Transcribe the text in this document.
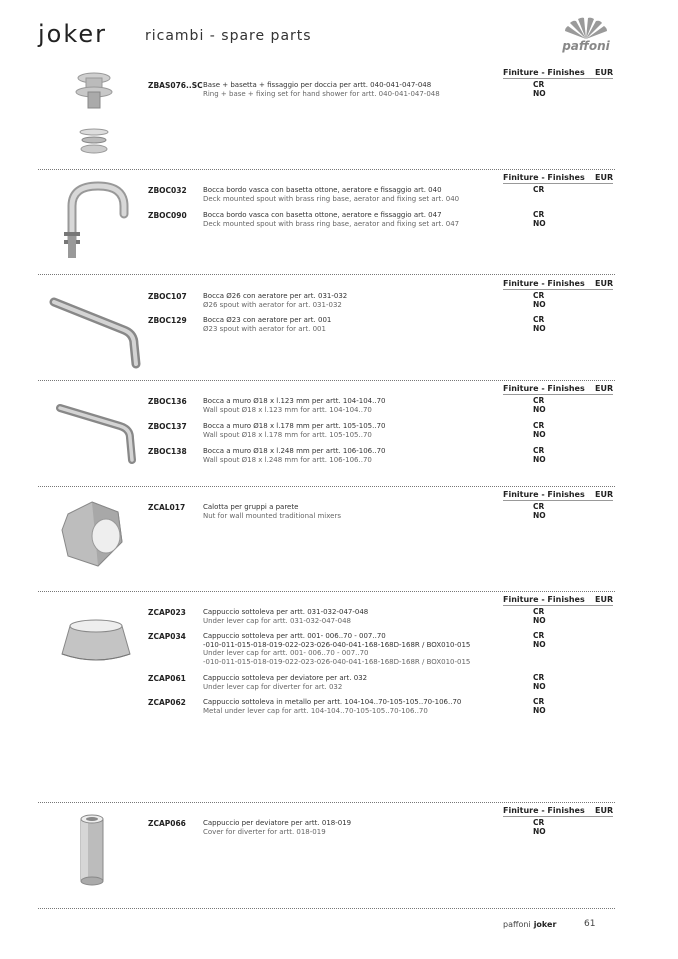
joker	ricambi - spare parts
paffoni
Finiture - Finishes EUR
ZBAS076..SC Base + basetta + fissaggio per doccia per artt. 040-041-047-048
Ring + base + fixing set for hand shower for artt. 040-041-047-048
CR
NO
Finiture - Finishes EUR
ZBOC032 Bocca bordo vasca con basetta ottone, aeratore e fissaggio art. 040
Deck mounted spout with brass ring base, aerator and fixing set art. 040
CR
ZBOC090 Bocca bordo vasca con basetta ottone, aeratore e fissaggio art. 047
Deck mounted spout with brass ring base, aerator and fixing set art. 047
CR
NO
Finiture - Finishes EUR
ZBOC107 Bocca Ø26 con aeratore per art. 031-032
Ø26 spout with aerator for art. 031-032
CR
NO
ZBOC129 Bocca Ø23 con aeratore per art. 001
Ø23 spout with aerator for art. 001
CR
NO
Finiture - Finishes EUR
ZBOC136 Bocca a muro Ø18 x l.123 mm per artt. 104-104..70
Wall spout Ø18 x l.123 mm for artt. 104-104..70
CR
NO
ZBOC137 Bocca a muro Ø18 x l.178 mm per artt. 105-105..70
Wall spout Ø18 x l.178 mm for artt. 105-105..70
CR
NO
ZBOC138 Bocca a muro Ø18 x l.248 mm per artt. 106-106..70
Wall spout Ø18 x l.248 mm for artt. 106-106..70
CR
NO
Finiture - Finishes EUR
ZCAL017	Calotta per gruppi a parete
Nut for wall mounted traditional mixers
CR
NO
Finiture - Finishes EUR
ZCAP023 Cappuccio sottoleva per artt. 031-032-047-048
Under lever cap for artt. 031-032-047-048
CR
NO
ZCAP034 Cappuccio sottoleva per artt. 001- 006..70 - 007..70
-010-011-015-018-019-022-023-026-040-041-168-168D-168R / BOX010-015
Under lever cap for artt. 001- 006..70 - 007..70
-010-011-015-018-019-022-023-026-040-041-168-168D-168R / BOX010-015
CR
NO
ZCAP061 Cappuccio sottoleva per deviatore per art. 032
Under lever cap for diverter for art. 032
CR
NO
ZCAP062 Cappuccio sottoleva in metallo per artt. 104-104..70-105-105..70-106..70
Metal under lever cap for artt. 104-104..70-105-105..70-106..70
CR
NO
Finiture - Finishes EUR
ZCAP066 Cappuccio per deviatore per artt. 018-019
Cover for diverter for artt. 018-019
CR
NO
paffoni joker	61
